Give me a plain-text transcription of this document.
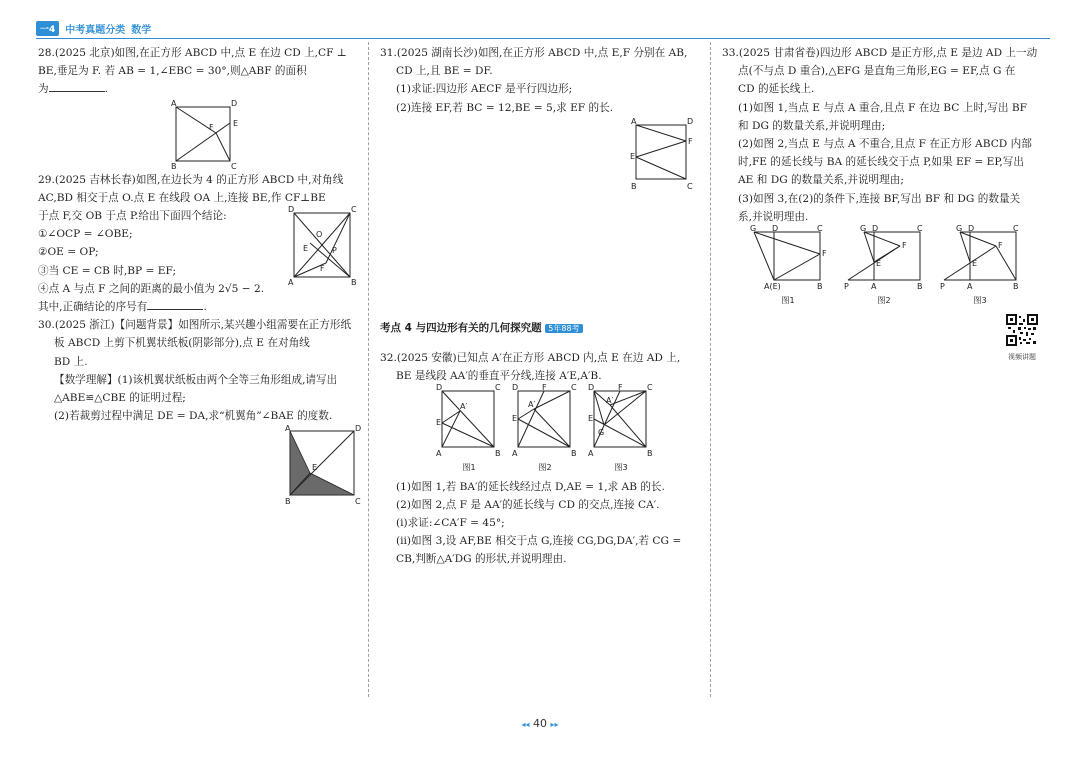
一4	中考真题分类 数学

28.(2025 北京)如图,在正方形 ABCD 中,点 E 在边 CD 上,CF ⊥

BE,垂足为 F. 若 AB = 1,∠EBC = 30°,则△ABF 的面积

为	.

A	D
B	C
E
F

29.(2025 吉林长春)如图,在边长为 4 的正方形 ABCD 中,对角线

AC,BD 相交于点 O.点 E 在线段 OA 上,连接 BE,作 CF⊥BE

于点 F,交 OB 于点 P.给出下面四个结论:

①∠OCP = ∠OBE;

②OE = OP;

③当 CE = CB 时,BP = EF;

④点 A 与点 F 之间的距离的最小值为 2√5 − 2.

其中,正确结论的序号有	.

D	C
A	B
O
E	P
F

30.(2025 浙江)【问题背景】如图所示,某兴趣小组需要在正方形纸

板 ABCD 上剪下机翼状纸板(阴影部分),点 E 在对角线

BD 上.

【数学理解】(1)该机翼状纸板由两个全等三角形组成,请写出

△ABE≌△CBE 的证明过程;

(2)若裁剪过程中满足 DE = DA,求“机翼角”∠BAE 的度数.

A	D
B	C
E

31.(2025 湖南长沙)如图,在正方形 ABCD 中,点 E,F 分别在 AB,

CD 上,且 BE = DF.

(1)求证:四边形 AECF 是平行四边形;

(2)连接 EF,若 BC = 12,BE = 5,求 EF 的长.

A	D
E
F
B	C

考点 4 与四边形有关的几何探究题 5年88考

32.(2025 安徽)已知点 A′在正方形 ABCD 内,点 E 在边 AD 上,

BE 是线段 AA′的垂直平分线,连接 A′E,A′B.

D	C
E
A′
A	B
图1
D	F	C
E
A′
A	B
图2
D	F	C
E
A′
G
A	B
图3

(1)如图 1,若 BA′的延长线经过点 D,AE = 1,求 AB 的长.

(2)如图 2,点 F 是 AA′的延长线与 CD 的交点,连接 CA′.

(ⅰ)求证:∠CA′F = 45°;

(ⅱ)如图 3,设 AF,BE 相交于点 G,连接 CG,DG,DA′,若 CG =

CB,判断△A′DG 的形状,并说明理由.

33.(2025 甘肃省卷)四边形 ABCD 是正方形,点 E 是边 AD 上一动

点(不与点 D 重合),△EFG 是直角三角形,EG = EF,点 G 在

CD 的延长线上.

(1)如图 1,当点 E 与点 A 重合,且点 F 在边 BC 上时,写出 BF

和 DG 的数量关系,并说明理由;

(2)如图 2,当点 E 与点 A 不重合,且点 F 在正方形 ABCD 内部

时,FE 的延长线与 BA 的延长线交于点 P,如果 EF = EP,写出

AE 和 DG 的数量关系,并说明理由;

(3)如图 3,在(2)的条件下,连接 BF,写出 BF 和 DG 的数量关

系,并说明理由.

G D	C
F
A(E)	B
图1
G D	C
F
E
P	A	B
图2
G D	C
F
E
P	A	B
图3
视频讲题
◂◂ 40 ▸▸
